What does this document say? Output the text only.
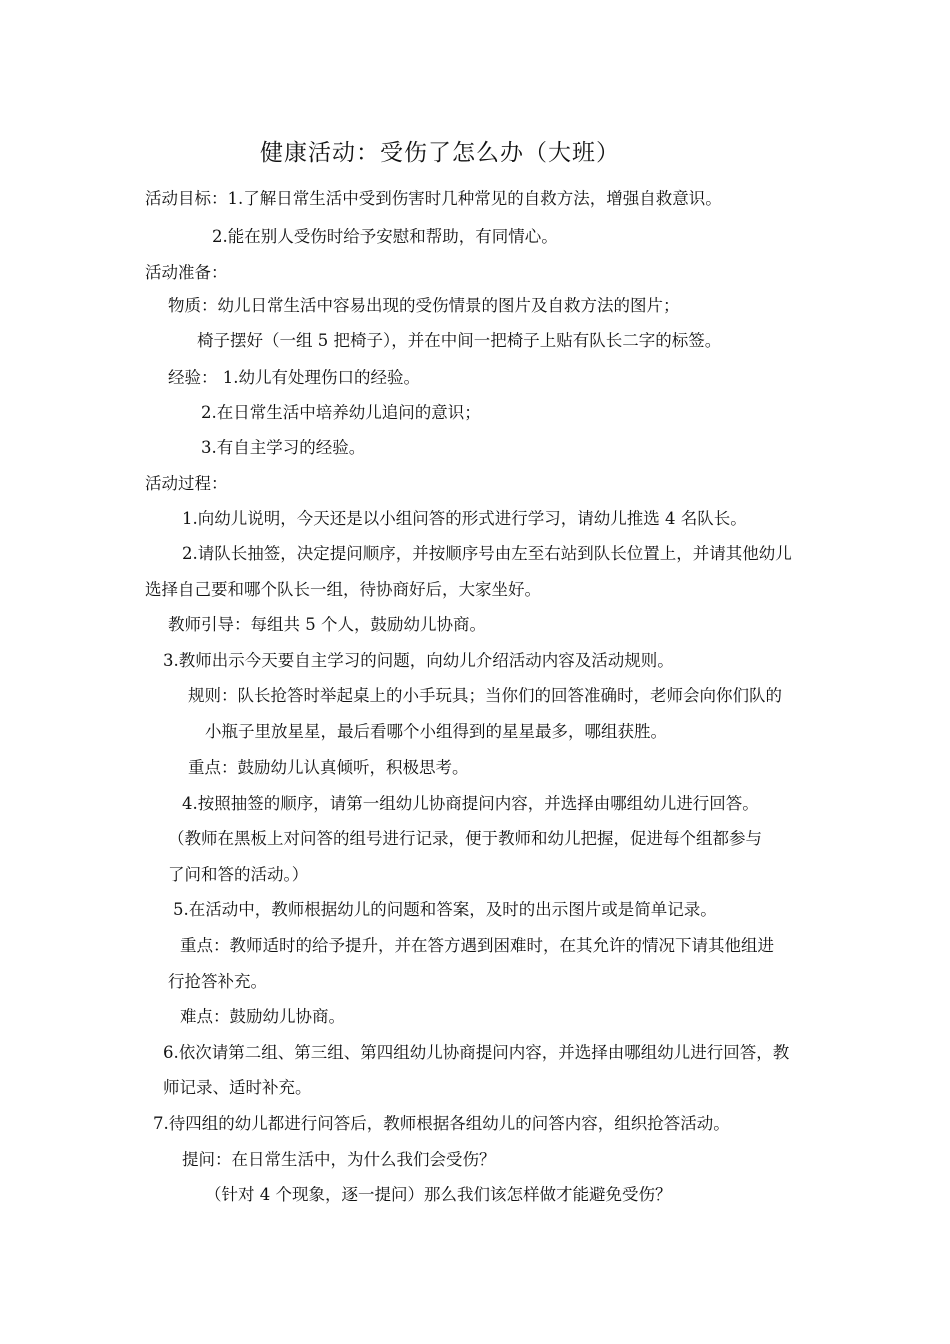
健康活动：受伤了怎么办（大班）
活动目标：1.了解日常生活中受到伤害时几种常见的自救方法，增强自救意识。
2.能在别人受伤时给予安慰和帮助，有同情心。
活动准备：
物质：幼儿日常生活中容易出现的受伤情景的图片及自救方法的图片；
椅子摆好（一组 5 把椅子），并在中间一把椅子上贴有队长二字的标签。
经验： 1.幼儿有处理伤口的经验。
2.在日常生活中培养幼儿追问的意识；
3.有自主学习的经验。
活动过程：
1.向幼儿说明，今天还是以小组问答的形式进行学习，请幼儿推选 4 名队长。
2.请队长抽签，决定提问顺序，并按顺序号由左至右站到队长位置上，并请其他幼儿
选择自己要和哪个队长一组，待协商好后，大家坐好。
教师引导：每组共 5 个人，鼓励幼儿协商。
3.教师出示今天要自主学习的问题，向幼儿介绍活动内容及活动规则。
规则：队长抢答时举起桌上的小手玩具；当你们的回答准确时，老师会向你们队的
小瓶子里放星星，最后看哪个小组得到的星星最多，哪组获胜。
重点：鼓励幼儿认真倾听，积极思考。
4.按照抽签的顺序，请第一组幼儿协商提问内容，并选择由哪组幼儿进行回答。
（教师在黑板上对问答的组号进行记录，便于教师和幼儿把握，促进每个组都参与
了问和答的活动。）
5.在活动中，教师根据幼儿的问题和答案，及时的出示图片或是简单记录。
重点：教师适时的给予提升，并在答方遇到困难时，在其允许的情况下请其他组进
行抢答补充。
难点：鼓励幼儿协商。
6.依次请第二组、第三组、第四组幼儿协商提问内容，并选择由哪组幼儿进行回答，教
师记录、适时补充。
7.待四组的幼儿都进行问答后，教师根据各组幼儿的问答内容，组织抢答活动。
提问：在日常生活中，为什么我们会受伤？
（针对 4 个现象，逐一提问）那么我们该怎样做才能避免受伤？
